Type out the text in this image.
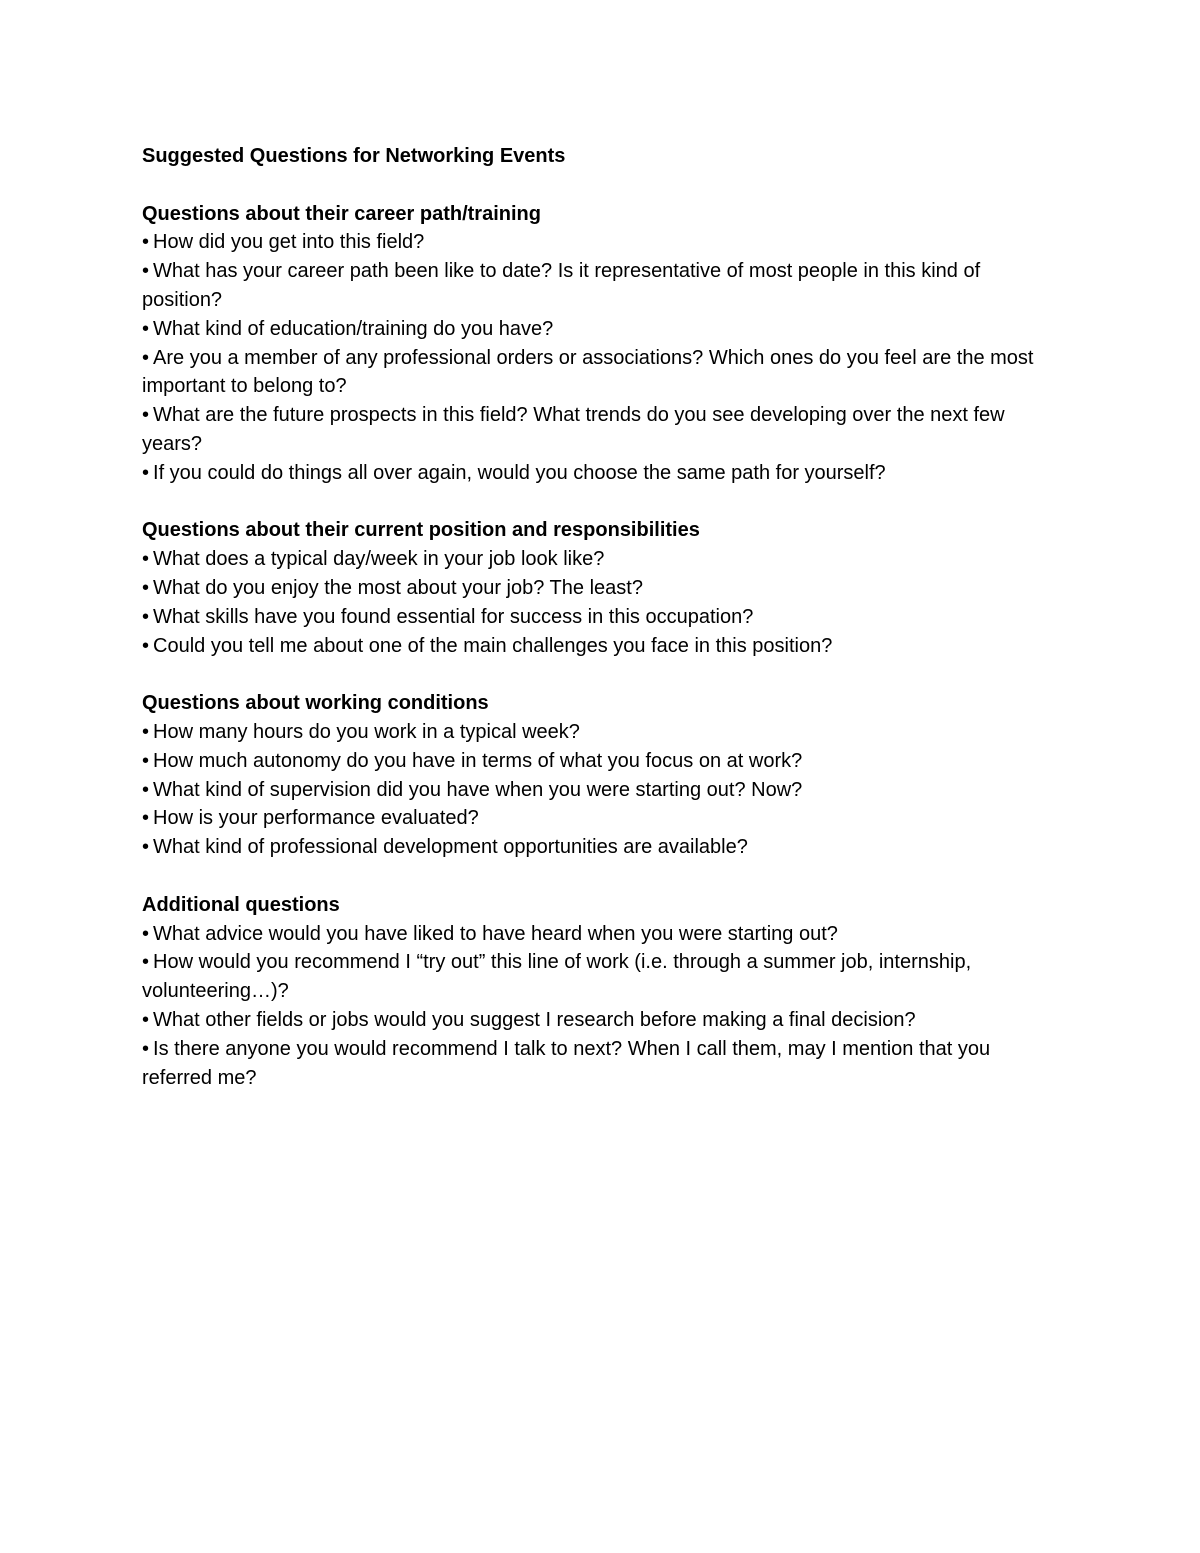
Suggested Questions for Networking Events

Questions about their career path/training

• How did you get into this field?
• What has your career path been like to date? Is it representative of most people in this kind of position?
• What kind of education/training do you have?
• Are you a member of any professional orders or associations? Which ones do you feel are the most important to belong to?
• What are the future prospects in this field? What trends do you see developing over the next few years?
• If you could do things all over again, would you choose the same path for yourself?

Questions about their current position and responsibilities

• What does a typical day/week in your job look like?
• What do you enjoy the most about your job? The least?
• What skills have you found essential for success in this occupation?
• Could you tell me about one of the main challenges you face in this position?

Questions about working conditions

• How many hours do you work in a typical week?
• How much autonomy do you have in terms of what you focus on at work?
• What kind of supervision did you have when you were starting out? Now?
• How is your performance evaluated?
• What kind of professional development opportunities are available?

Additional questions

• What advice would you have liked to have heard when you were starting out?
• How would you recommend I “try out” this line of work (i.e. through a summer job, internship, volunteering…)?
• What other fields or jobs would you suggest I research before making a final decision?
• Is there anyone you would recommend I talk to next? When I call them, may I mention that you referred me?
